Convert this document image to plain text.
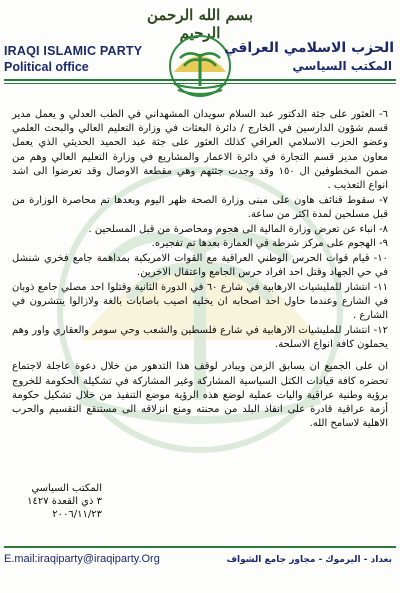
بسم الله الرحمن الرحيم
IRAQI ISLAMIC PARTY
Political office
الحزب الاسلامي العراقي
المكتب السياسي

٦- العثور على جثة الدكتور عبد السلام سويدان المشهداني في الطب العدلي و يعمل مدير قسم شؤون الدارسين في الخارج / دائرة البعثات في وزارة التعليم العالي والبحث العلمي وعضو الحزب الاسلامي العراقي كذلك العثور على جثة عبد الحميد الحديثي الذي يعمل معاون مدير قسم التجارة في دائرة الاعمار والمشاريع في وزارة التعليم العالي وهم من ضمن المخطوفين ال ١٥٠ وقد وجدت جثتهم وهي مقطعة الاوصال وقد تعرضوا الى اشد انواع التعذيب .

٧- سقوط قنائف هاون على مبنى وزارة الصحة ظهر اليوم وبعدها تم محاصرة الوزارة من قبل مسلحين لمدة اكثر من ساعة.

٨- انباء عن تعرض وزارة المالية الى هجوم ومحاصرة من قبل المسلحين .

٩- الهجوم على مركز شرطة في العمارة بعدها تم تفجيره.

١٠- قيام قوات الحرس الوطني العراقية مع القوات الامريكية بمداهمة جامع فخري شنشل في حي الجهاد وقتل احد افراد حرس الجامع واعتقال الاخرين.

١١- انتشار للمليشيات الارهابية في شارع ٦٠ في الدورة الثانية وقتلوا احد مصلي جامع ذوبان في الشارع وعندما حاول احد اصحابه ان يخليه اصيب باصابات بالغة ولازالوا ينتشرون في الشارع .

١٢- انتشار للمليشيات الارهابية في شارع فلسطين والشعب وحي سومر والعقاري واور وهم يحملون كافة انواع الاسلحة.

ان على الجميع ان يسابق الزمن ويبادر لوقف هذا التدهور من خلال دعوة عاجلة لاجتماع تحضره كافة قيادات الكتل السياسية المشاركة وغير المشاركة في تشكيلة الحكومة للخروج برؤية وطنية عراقية واليات عملية لوضع هذه الرؤية موضع التنفيذ من خلال تشكيل حكومة أزمة عراقية قادرة على انقاذ البلد من محنته ومنع انزلاقه الى مستنقع التقسيم والحرب الاهلية لاسامح الله.

المكتب السياسي
٣ ذي القعدة ١٤٢٧
٢٠٠٦/١١/٢٣
E.mail:iraqiparty@iraqiparty.Org	بغداد - اليرموك - مجاور جامع الشواف
